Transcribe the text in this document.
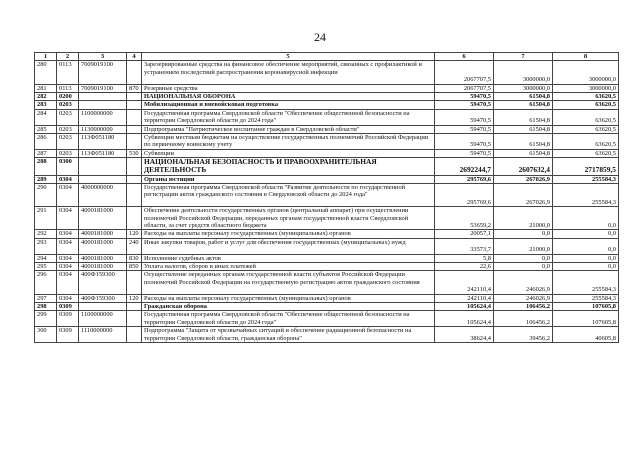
24
1	2	3	4	5	6	7	8
280	0113	7009019100		Зарезервированные средства на финансовое обеспечение мероприятий, связанных с профилактикой и устранением последствий распространения коронавирусной инфекции	2067707,5	3000000,0	3000000,0
281	0113	7009019100	870	Резервные средства	2067707,5	3000000,0	3000000,0
282	0200			НАЦИОНАЛЬНАЯ ОБОРОНА	59470,5	61504,8	63620,5
283	0203			Мобилизационная и вневойсковая подготовка	59470,5	61504,8	63620,5
284	0203	1100000000		Государственная программа Свердловской области "Обеспечение общественной безопасности на территории Свердловской области до 2024 года"	59470,5	61504,8	63620,5
285	0203	1130000000		Подпрограмма "Патриотическое воспитание граждан в Свердловской области"	59470,5	61504,8	63620,5
286	0203	113Ф051180		Субвенции местным бюджетам на осуществление государственных полномочий Российской Федерации по первичному воинскому учету	59470,5	61504,8	63620,5
287	0203	113Ф051180	530	Субвенции	59470,5	61504,8	63620,5
288	0300			НАЦИОНАЛЬНАЯ БЕЗОПАСНОСТЬ И ПРАВООХРАНИТЕЛЬНАЯ ДЕЯТЕЛЬНОСТЬ	2692244,7	2607632,4	2717859,5
289	0304			Органы юстиции	295769,6	267026,9	255584,3
290	0304	4000000000		Государственная программа Свердловской области "Развитие деятельности по государственной регистрации актов гражданского состояния в Свердловской области до 2024 года"	295769,6	267026,9	255584,3
291	0304	4000181000		Обеспечение деятельности государственных органов (центральный аппарат) при осуществлении полномочий Российской Федерации, переданных органам государственной власти Свердловской области, за счет средств областного бюджета	53659,2	21000,0	0,0
292	0304	4000181000	120	Расходы на выплаты персоналу государственных (муниципальных) органов	20057,1	0,0	0,0
293	0304	4000181000	240	Иные закупки товаров, работ и услуг для обеспечения государственных (муниципальных) нужд	33573,7	21000,0	0,0
294	0304	4000181000	830	Исполнение судебных актов	5,8	0,0	0,0
295	0304	4000181000	850	Уплата налогов, сборов и иных платежей	22,6	0,0	0,0
296	0304	400Ф159300		Осуществление переданных органам государственной власти субъектов Российской Федерации полномочий Российской Федерации на государственную регистрацию актов гражданского состояния	242110,4	246026,9	255584,3
297	0304	400Ф159300	120	Расходы на выплаты персоналу государственных (муниципальных) органов	242110,4	246026,9	255584,3
298	0309			Гражданская оборона	105624,4	106456,2	107605,8
299	0309	1100000000		Государственная программа Свердловской области "Обеспечение общественной безопасности на территории Свердловской области до 2024 года"	105624,4	106456,2	107605,8
300	0309	1110000000		Подпрограмма "Защита от чрезвычайных ситуаций и обеспечение радиационной безопасности на территории Свердловской области, гражданская оборона"	38624,4	39456,2	40605,8
